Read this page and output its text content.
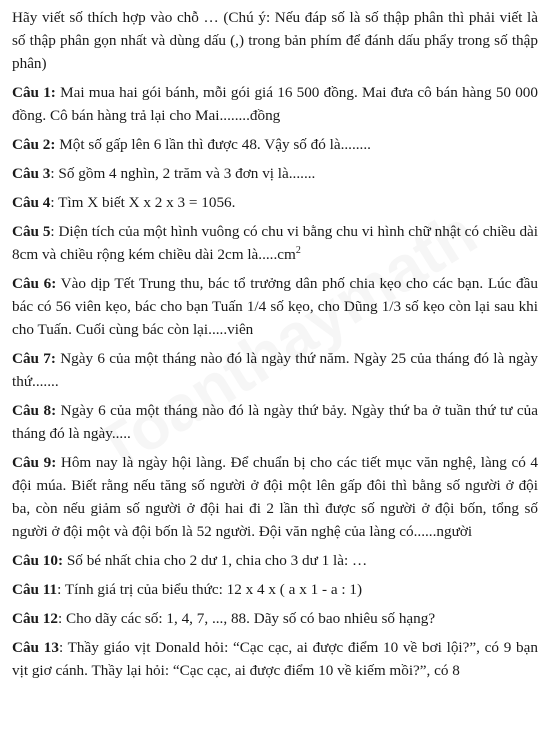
Hãy viết số thích hợp vào chỗ … (Chú ý: Nếu đáp số là số thập phân thì phải viết là số thập phân gọn nhất và dùng dấu (,) trong bản phím để đánh dấu phẩy trong số thập phân)

Câu 1: Mai mua hai gói bánh, mỗi gói giá 16 500 đồng. Mai đưa cô bán hàng 50 000 đồng. Cô bán hàng trả lại cho Mai........đồng

Câu 2: Một số gấp lên 6 lần thì được 48. Vậy số đó là........

Câu 3: Số gồm 4 nghìn, 2 trăm và 3 đơn vị là.......

Câu 4: Tìm X biết X x 2 x 3 = 1056.

Câu 5: Diện tích của một hình vuông có chu vi bằng chu vi hình chữ nhật có chiều dài 8cm và chiều rộng kém chiều dài 2cm $là.....cm^2$

Câu 6: Vào dịp Tết Trung thu, bác tổ trưởng dân phố chia kẹo cho các bạn. Lúc đầu bác có 56 viên kẹo, bác cho bạn Tuấn 1/4 số kẹo, cho Dũng 1/3 số kẹo còn lại sau khi cho Tuấn. Cuối cùng bác còn lại.....viên

Câu 7: Ngày 6 của một tháng nào đó là ngày thứ năm. Ngày 25 của tháng đó là ngày thứ.......

Câu 8: Ngày 6 của một tháng nào đó là ngày thứ bảy. Ngày thứ ba ở tuần thứ tư của tháng đó là ngày.....

Câu 9: Hôm nay là ngày hội làng. Để chuẩn bị cho các tiết mục văn nghệ, làng có 4 đội múa. Biết rằng nếu tăng số người ở đội một lên gấp đôi thì bằng số người ở đội ba, còn nếu giảm số người ở đội hai đi 2 lần thì được số người ở đội bốn, tổng số người ở đội một và đội bốn là 52 người. Đội văn nghệ của làng có......người

Câu 10: Số bé nhất chia cho 2 dư 1, chia cho 3 dư 1 là: …

Câu 11: Tính giá trị của biểu thức: 12 x 4 x ( a x 1 - a : 1)

Câu 12: Cho dãy các số: 1, 4, 7, ..., 88. Dãy số có bao nhiêu số hạng?

Câu 13: Thầy giáo vịt Donald hỏi: “Cạc cạc, ai được điểm 10 về bơi lội?”, có 9 bạn vịt giơ cánh. Thầy lại hỏi: “Cạc cạc, ai được điểm 10 về kiếm mồi?”, có 8
